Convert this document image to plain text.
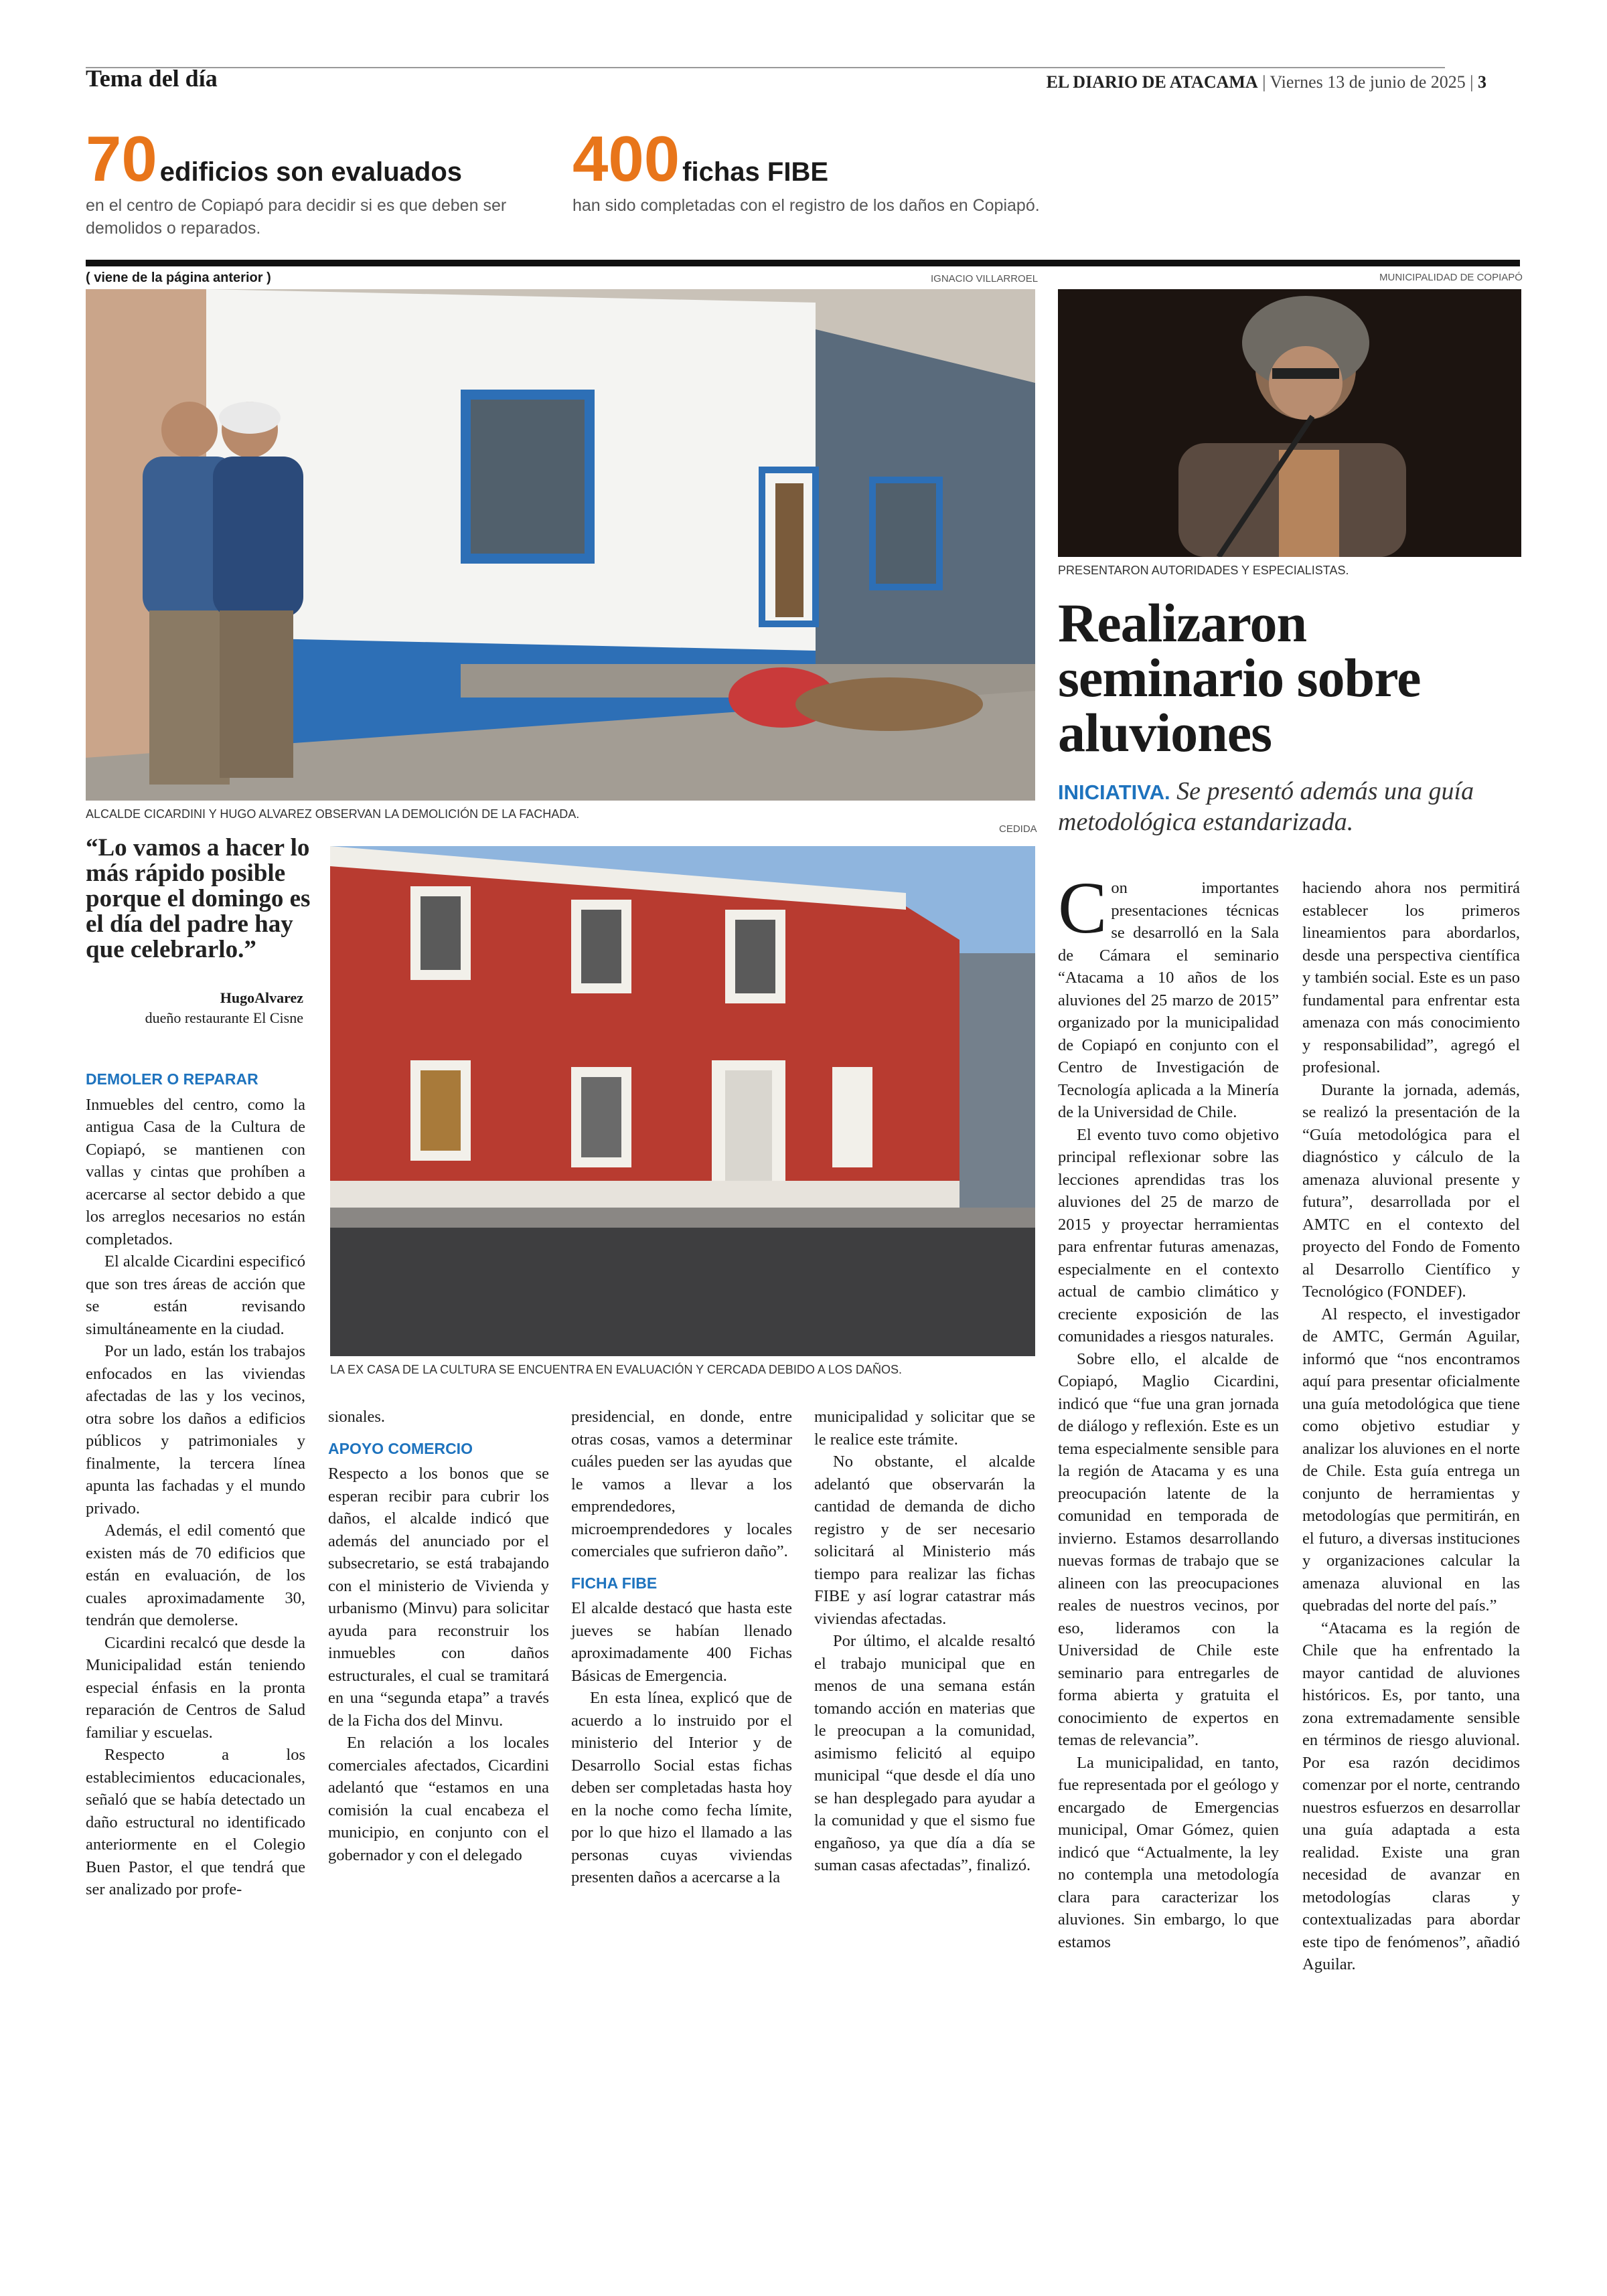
Tema del día	EL DIARIO DE ATACAMA | Viernes 13 de junio de 2025 | 3
70 edificios son evaluados
en el centro de Copiapó para decidir si es que deben ser demolidos o reparados.
400 fichas FIBE
han sido completadas con el registro de los daños en Copiapó.
( viene de la página anterior )	IGNACIO VILLARROEL	MUNICIPALIDAD DE COPIAPÓ
ALCALDE CICARDINI Y HUGO ALVAREZ OBSERVAN LA DEMOLICIÓN DE LA FACHADA.
CEDIDA
PRESENTARON AUTORIDADES Y ESPECIALISTAS.
Realizaron seminario sobre aluviones
INICIATIVA. Se presentó además una guía metodológica estandarizada.
LA EX CASA DE LA CULTURA SE ENCUENTRA EN EVALUACIÓN Y CERCADA DEBIDO A LOS DAÑOS.
“Lo vamos a hacer lo más rápido posible porque el domingo es el día del padre hay que celebrarlo.”
HugoAlvarez
dueño restaurante El Cisne
DEMOLER O REPARAR

Inmuebles del centro, como la antigua Casa de la Cultura de Copiapó, se mantienen con vallas y cintas que prohíben a acercarse al sector debido a que los arreglos necesarios no están completados.

El alcalde Cicardini especificó que son tres áreas de acción que se están revisando simultáneamente en la ciudad.

Por un lado, están los trabajos enfocados en las viviendas afectadas de las y los vecinos, otra sobre los daños a edificios públicos y patrimoniales y finalmente, la tercera línea apunta las fachadas y el mundo privado.

Además, el edil comentó que existen más de 70 edificios que están en evaluación, de los cuales aproximadamente 30, tendrán que demolerse.

Cicardini recalcó que desde la Municipalidad están teniendo especial énfasis en la pronta reparación de Centros de Salud familiar y escuelas.

Respecto a los establecimientos educacionales, señaló que se había detectado un daño estructural no identificado anteriormente en el Colegio Buen Pastor, el que tendrá que ser analizado por profe-

sionales.

APOYO COMERCIO

Respecto a los bonos que se esperan recibir para cubrir los daños, el alcalde indicó que además del anunciado por el subsecretario, se está trabajando con el ministerio de Vivienda y urbanismo (Minvu) para solicitar ayuda para reconstruir los inmuebles con daños estructurales, el cual se tramitará en una “segunda etapa” a través de la Ficha dos del Minvu.

En relación a los locales comerciales afectados, Cicardini adelantó que “estamos en una comisión la cual encabeza el municipio, en conjunto con el gobernador y con el delegado

presidencial, en donde, entre otras cosas, vamos a determinar cuáles pueden ser las ayudas que le vamos a llevar a los emprendedores, microemprendedores y locales comerciales que sufrieron daño”.

FICHA FIBE

El alcalde destacó que hasta este jueves se habían llenado aproximadamente 400 Fichas Básicas de Emergencia.

En esta línea, explicó que de acuerdo a lo instruido por el ministerio del Interior y de Desarrollo Social estas fichas deben ser completadas hasta hoy en la noche como fecha límite, por lo que hizo el llamado a las personas cuyas viviendas presenten daños a acercarse a la

municipalidad y solicitar que se le realice este trámite.

No obstante, el alcalde adelantó que observarán la cantidad de demanda de dicho registro y de ser necesario solicitará al Ministerio más tiempo para realizar las fichas FIBE y así lograr catastrar más viviendas afectadas.

Por último, el alcalde resaltó el trabajo municipal que en menos de una semana están tomando acción en materias que le preocupan a la comunidad, asimismo felicitó al equipo municipal “que desde el día uno se han desplegado para ayudar a la comunidad y que el sismo fue engañoso, ya que día a día se suman casas afectadas”, finalizó.

Con importantes presentaciones técnicas se desarrolló en la Sala de Cámara el seminario “Atacama a 10 años de los aluviones del 25 marzo de 2015” organizado por la municipalidad de Copiapó en conjunto con el Centro de Investigación de Tecnología aplicada a la Minería de la Universidad de Chile.

El evento tuvo como objetivo principal reflexionar sobre las lecciones aprendidas tras los aluviones del 25 de marzo de 2015 y proyectar herramientas para enfrentar futuras amenazas, especialmente en el contexto actual de cambio climático y creciente exposición de las comunidades a riesgos naturales.

Sobre ello, el alcalde de Copiapó, Maglio Cicardini, indicó que “fue una gran jornada de diálogo y reflexión. Este es un tema especialmente sensible para la región de Atacama y es una preocupación latente de la comunidad en temporada de invierno. Estamos desarrollando nuevas formas de trabajo que se alineen con las preocupaciones reales de nuestros vecinos, por eso, lideramos con la Universidad de Chile este seminario para entregarles de forma abierta y gratuita el conocimiento de expertos en temas de relevancia”.

La municipalidad, en tanto, fue representada por el geólogo y encargado de Emergencias municipal, Omar Gómez, quien indicó que “Actualmente, la ley no contempla una metodología clara para caracterizar los aluviones. Sin embargo, lo que estamos

haciendo ahora nos permitirá establecer los primeros lineamientos para abordarlos, desde una perspectiva científica y también social. Este es un paso fundamental para enfrentar esta amenaza con más conocimiento y responsabilidad”, agregó el profesional.

Durante la jornada, además, se realizó la presentación de la “Guía metodológica para el diagnóstico y cálculo de la amenaza aluvional presente y futura”, desarrollada por el AMTC en el contexto del proyecto del Fondo de Fomento al Desarrollo Científico y Tecnológico (FONDEF).

Al respecto, el investigador de AMTC, Germán Aguilar, informó que “nos encontramos aquí para presentar oficialmente una guía metodológica que tiene como objetivo estudiar y analizar los aluviones en el norte de Chile. Esta guía entrega un conjunto de herramientas y metodologías que permitirán, en el futuro, a diversas instituciones y organizaciones calcular la amenaza aluvional en las quebradas del norte del país.”

“Atacama es la región de Chile que ha enfrentado la mayor cantidad de aluviones históricos. Es, por tanto, una zona extremadamente sensible en términos de riesgo aluvional. Por esa razón decidimos comenzar por el norte, centrando nuestros esfuerzos en desarrollar una guía adaptada a esta realidad. Existe una gran necesidad de avanzar en metodologías claras y contextualizadas para abordar este tipo de fenómenos”, añadió Aguilar.
